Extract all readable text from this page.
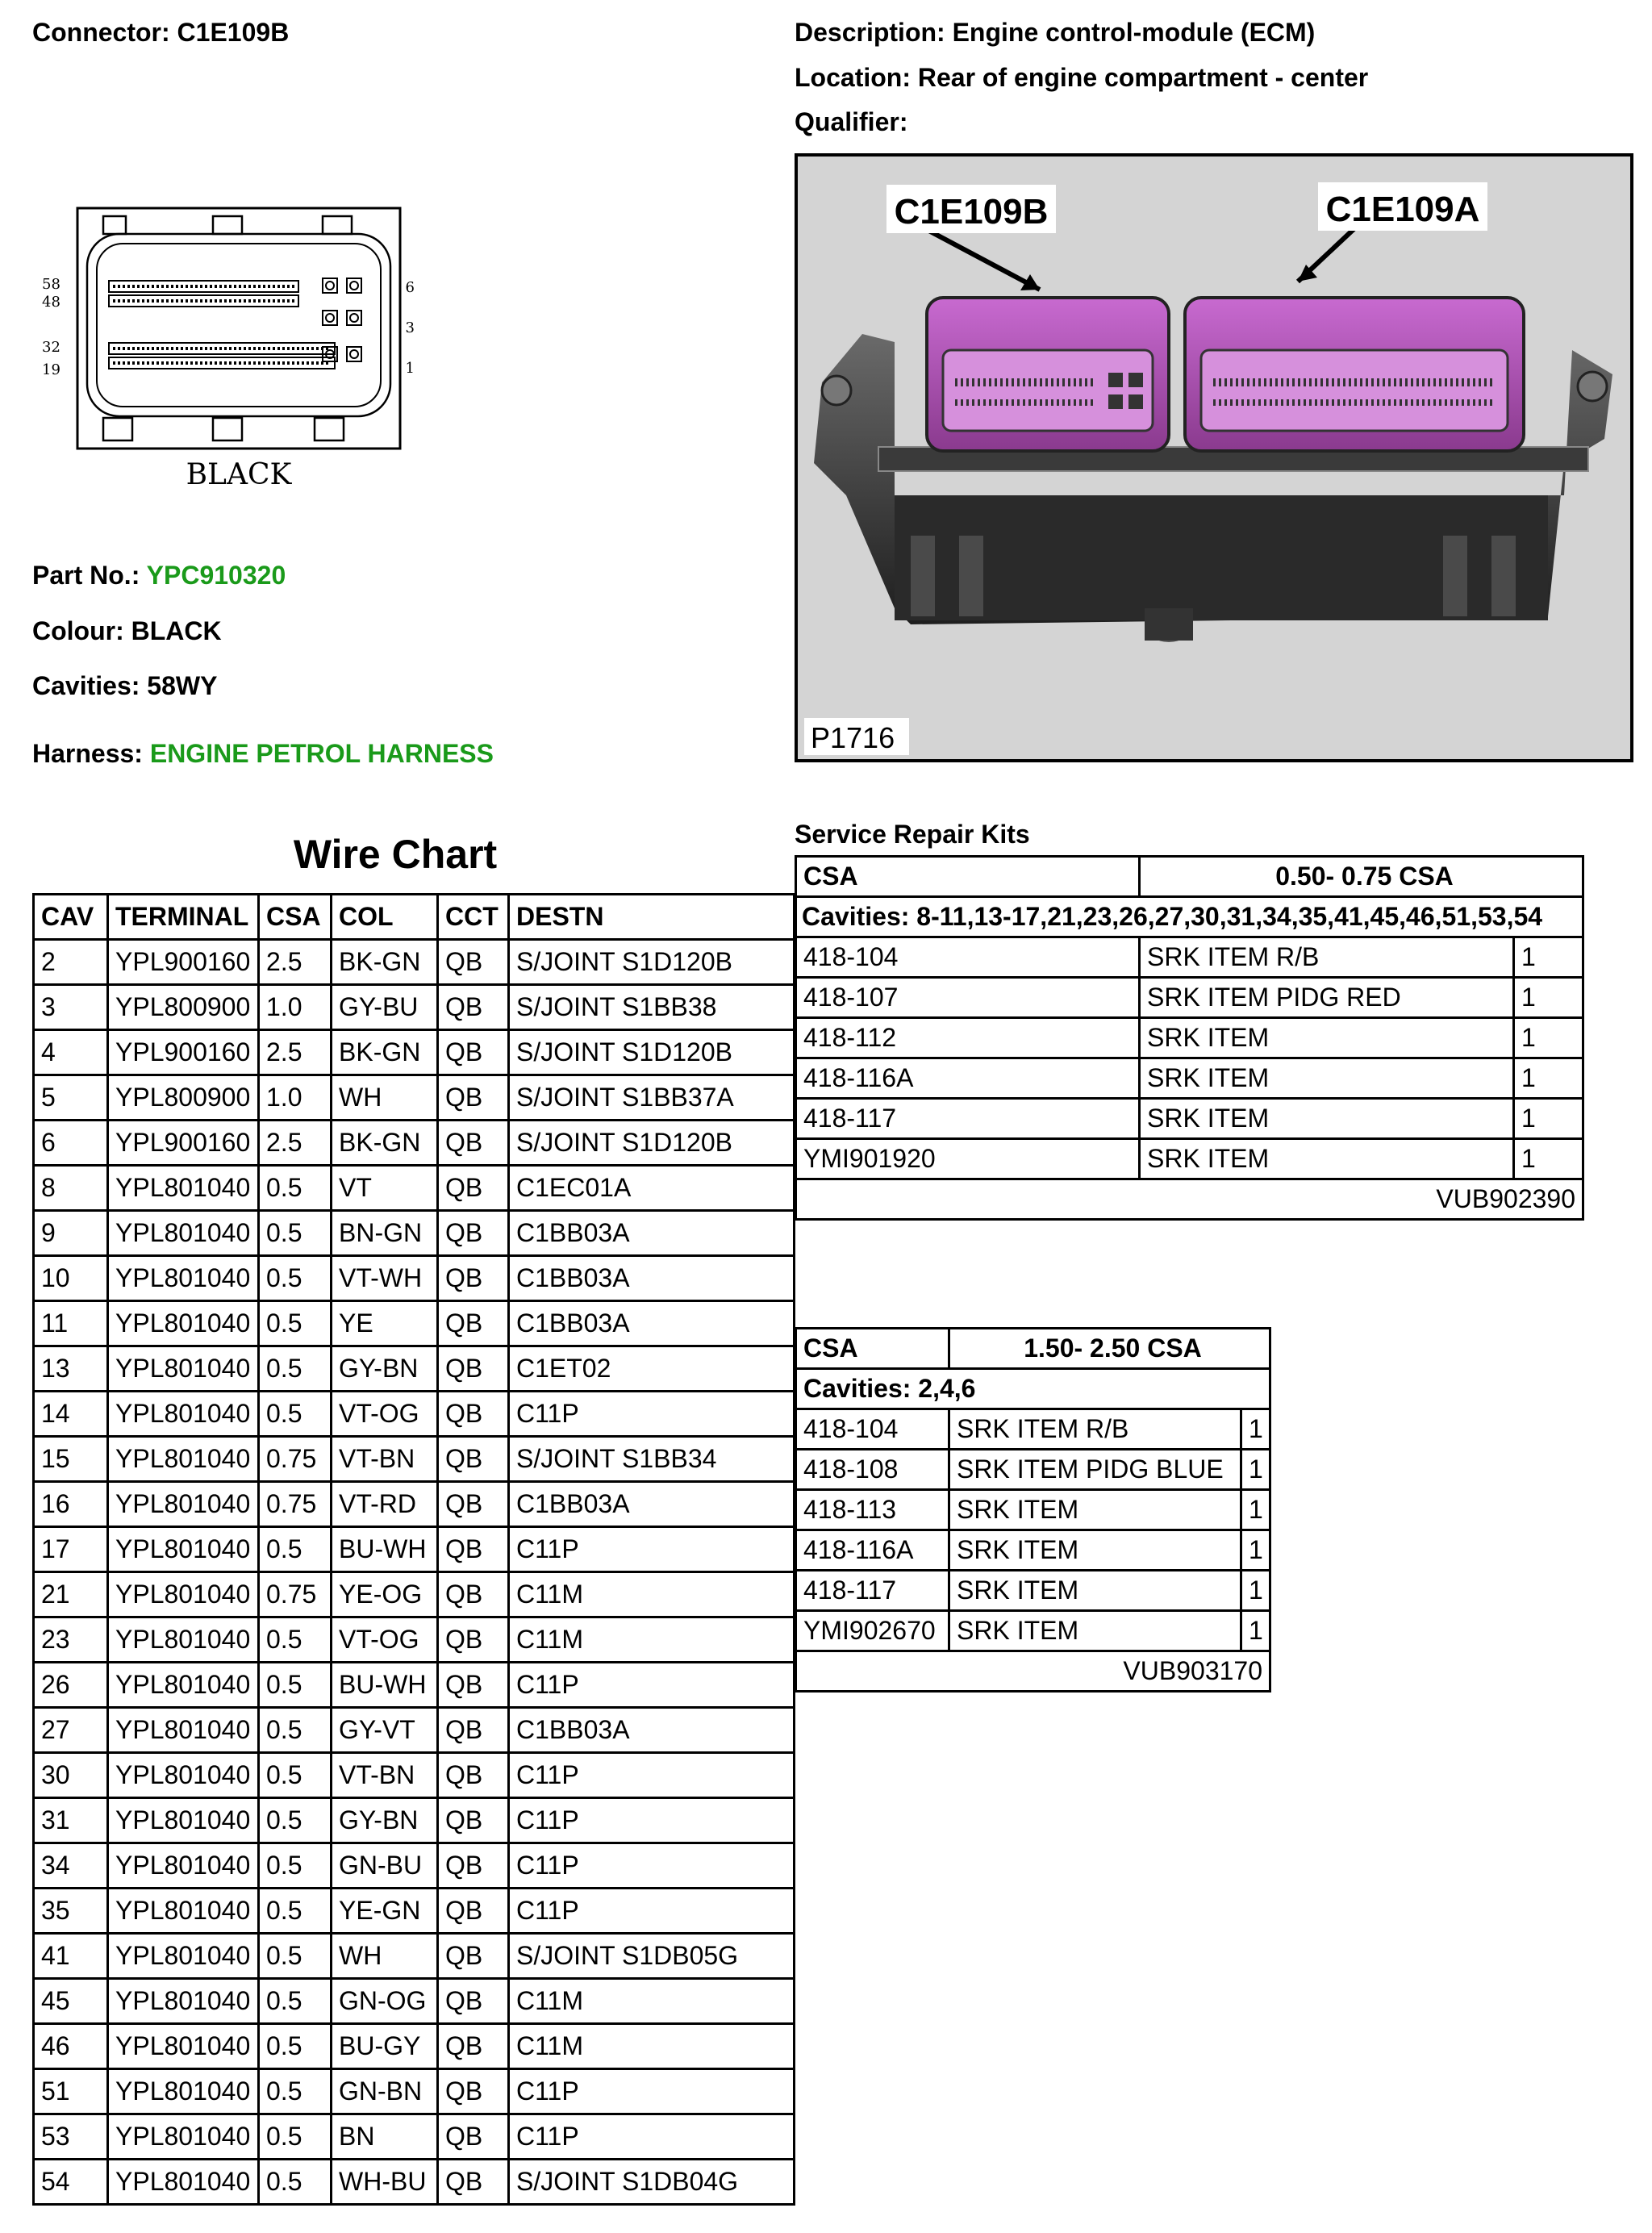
Connector: C1E109B	Description: Engine control-module (ECM)
Location: Rear of engine compartment - center
Qualifier:
58
48
32
19
6
3
1
BLACK
C1E109B	C1E109A
P1716
Part No.: YPC910320
Colour: BLACK
Cavities: 58WY
Harness: ENGINE PETROL HARNESS
Wire Chart
CAV	TERMINAL	CSA	COL	CCT	DESTN
2	YPL900160	2.5	BK-GN	QB	S/JOINT S1D120B
3	YPL800900	1.0	GY-BU	QB	S/JOINT S1BB38
4	YPL900160	2.5	BK-GN	QB	S/JOINT S1D120B
5	YPL800900	1.0	WH	QB	S/JOINT S1BB37A
6	YPL900160	2.5	BK-GN	QB	S/JOINT S1D120B
8	YPL801040	0.5	VT	QB	C1EC01A
9	YPL801040	0.5	BN-GN	QB	C1BB03A
10	YPL801040	0.5	VT-WH	QB	C1BB03A
11	YPL801040	0.5	YE	QB	C1BB03A
13	YPL801040	0.5	GY-BN	QB	C1ET02
14	YPL801040	0.5	VT-OG	QB	C11P
15	YPL801040	0.75	VT-BN	QB	S/JOINT S1BB34
16	YPL801040	0.75	VT-RD	QB	C1BB03A
17	YPL801040	0.5	BU-WH	QB	C11P
21	YPL801040	0.75	YE-OG	QB	C11M
23	YPL801040	0.5	VT-OG	QB	C11M
26	YPL801040	0.5	BU-WH	QB	C11P
27	YPL801040	0.5	GY-VT	QB	C1BB03A
30	YPL801040	0.5	VT-BN	QB	C11P
31	YPL801040	0.5	GY-BN	QB	C11P
34	YPL801040	0.5	GN-BU	QB	C11P
35	YPL801040	0.5	YE-GN	QB	C11P
41	YPL801040	0.5	WH	QB	S/JOINT S1DB05G
45	YPL801040	0.5	GN-OG	QB	C11M
46	YPL801040	0.5	BU-GY	QB	C11M
51	YPL801040	0.5	GN-BN	QB	C11P
53	YPL801040	0.5	BN	QB	C11P
54	YPL801040	0.5	WH-BU	QB	S/JOINT S1DB04G
Service Repair Kits
CSA	0.50- 0.75 CSA	
Cavities: 8-11,13-17,21,23,26,27,30,31,34,35,41,45,46,51,53,54		
418-104	SRK ITEM R/B	1
418-107	SRK ITEM PIDG RED	1
418-112	SRK ITEM	1
418-116A	SRK ITEM	1
418-117	SRK ITEM	1
YMI901920	SRK ITEM	1
VUB902390		
CSA	1.50- 2.50 CSA	
Cavities: 2,4,6		
418-104	SRK ITEM R/B	1
418-108	SRK ITEM PIDG BLUE	1
418-113	SRK ITEM	1
418-116A	SRK ITEM	1
418-117	SRK ITEM	1
YMI902670	SRK ITEM	1
VUB903170		
